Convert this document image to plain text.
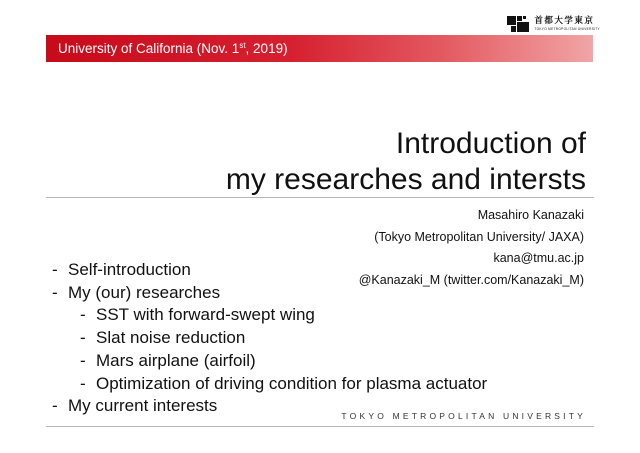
首都大学東京
TOKYO METROPOLITAN UNIVERSITY
University of California (Nov. 1st, 2019)
Introduction of
my researches and intersts
Masahiro Kanazaki
(Tokyo Metropolitan University/ JAXA)
kana@tmu.ac.jp
@Kanazaki_M (twitter.com/Kanazaki_M)
- Self-introduction
- My (our) researches
- SST with forward-swept wing
- Slat noise reduction
- Mars airplane (airfoil)
- Optimization of driving condition for plasma actuator
- My current interests
TOKYO METROPOLITAN UNIVERSITY
